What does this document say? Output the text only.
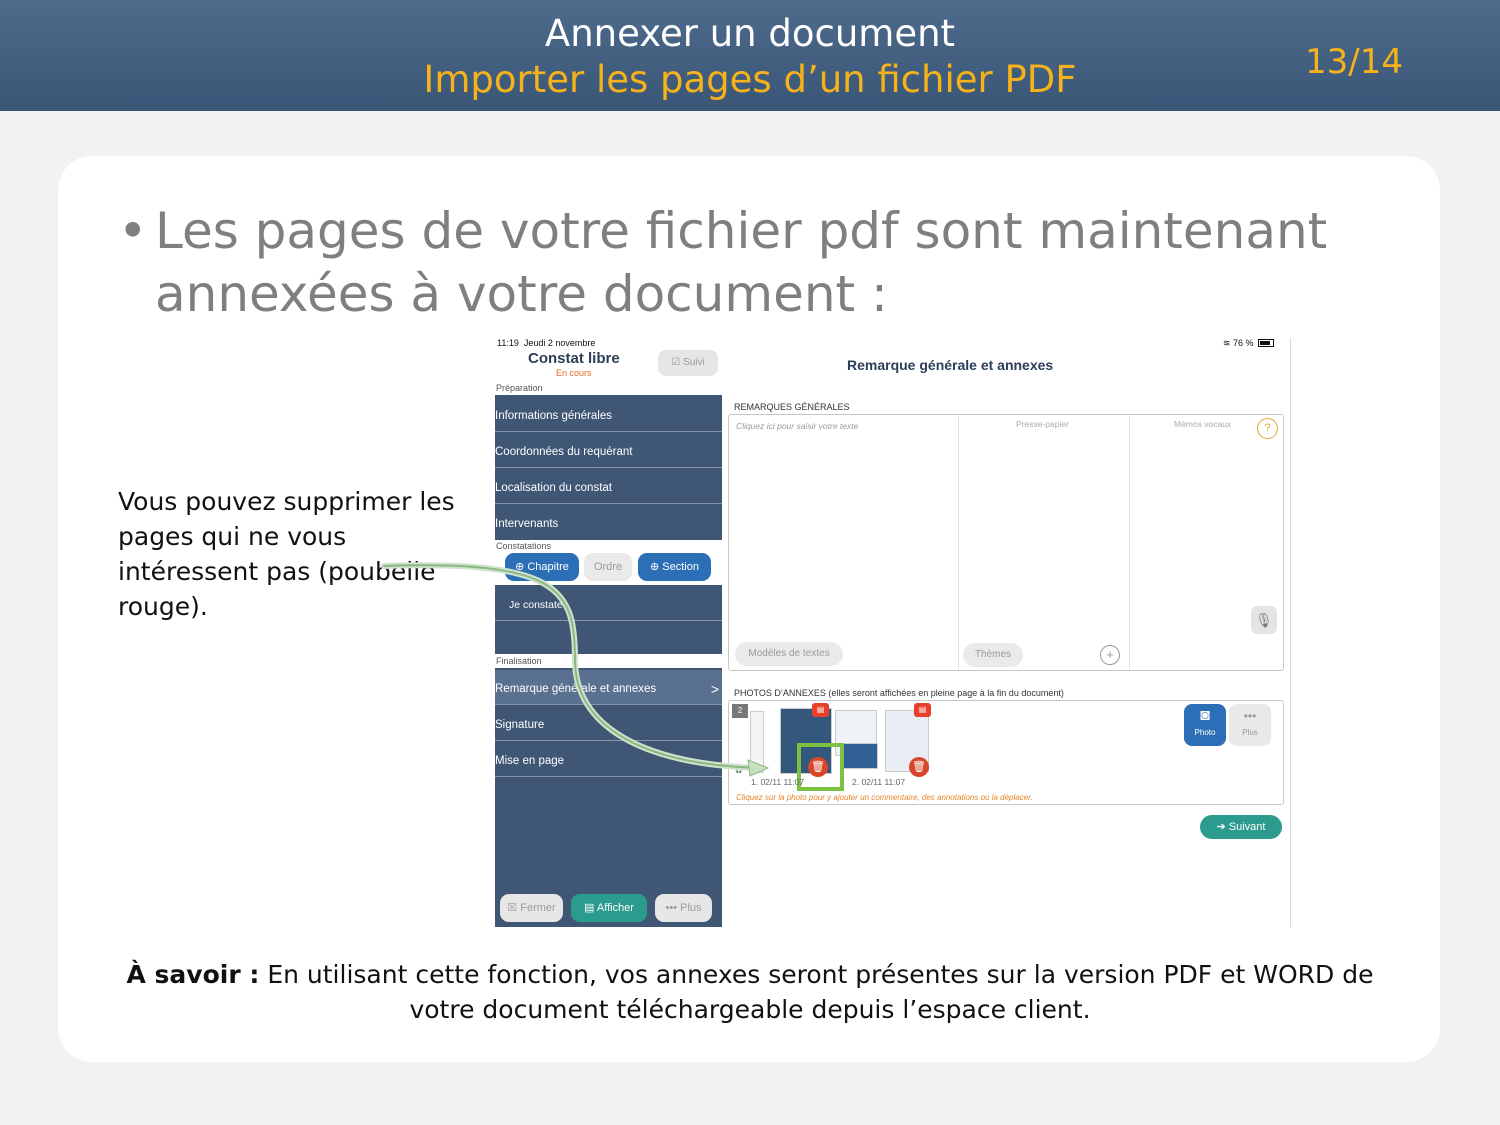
Annexer un document
Importer les pages d’un fichier PDF	13/14
• Les pages de votre fichier pdf sont maintenant annexées à votre document :
Vous pouvez supprimer les pages qui ne vous intéressent pas (poubelle rouge).
À savoir : En utilisant cette fonction, vos annexes seront présentes sur la version PDF et WORD de votre document téléchargeable depuis l’espace client.
11:19 Jeudi 2 novembre	≋ 76 %
Constat libre
En cours
☑ Suivi	Remarque générale et annexes
Préparation
Informations générales
Coordonnées du requérant
Localisation du constat
Intervenants
Constatations
⊕ Chapitre	Ordre	⊕ Section
Je constate
Finalisation
Remarque générale et annexes	>
Signature
Mise en page
☒ Fermer	▤ Afficher	••• Plus
REMARQUES GÉNÉRALES
Cliquez ici pour saisir votre texte	Presse-papier	Mémos vocaux	?
🎙
Modèles de textes	Thèmes	+
PHOTOS D’ANNEXES (elles seront affichées en pleine page à la fin du document)
2
✿
▤	▤
🗑	🗑
1. 02/11 11:07	2. 02/11 11:07
Cliquez sur la photo pour y ajouter un commentaire, des annotations ou la déplacer.
◙
Photo
•••
Plus
➔ Suivant
